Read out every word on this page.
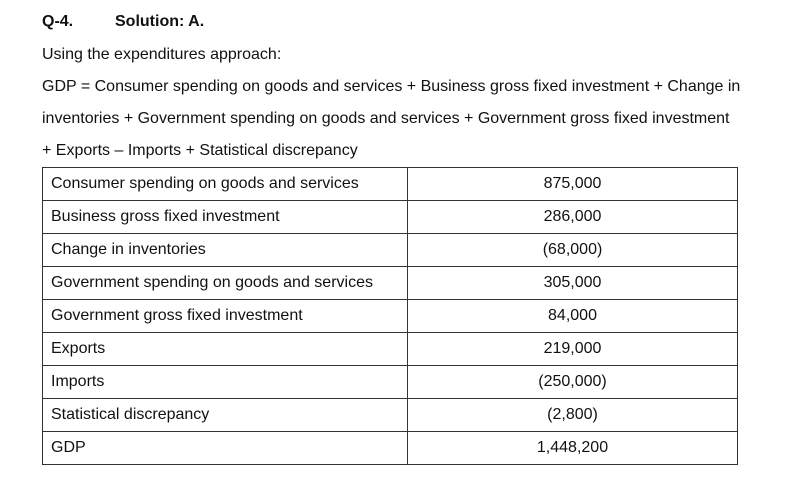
Q-4.	Solution: A.
Using the expenditures approach:
GDP = Consumer spending on goods and services + Business gross fixed investment + Change in
inventories + Government spending on goods and services + Government gross fixed investment
+ Exports – Imports + Statistical discrepancy
Consumer spending on goods and services	875,000
Business gross fixed investment	286,000
Change in inventories	(68,000)
Government spending on goods and services	305,000
Government gross fixed investment	84,000
Exports	219,000
Imports	(250,000)
Statistical discrepancy	(2,800)
GDP	1,448,200
